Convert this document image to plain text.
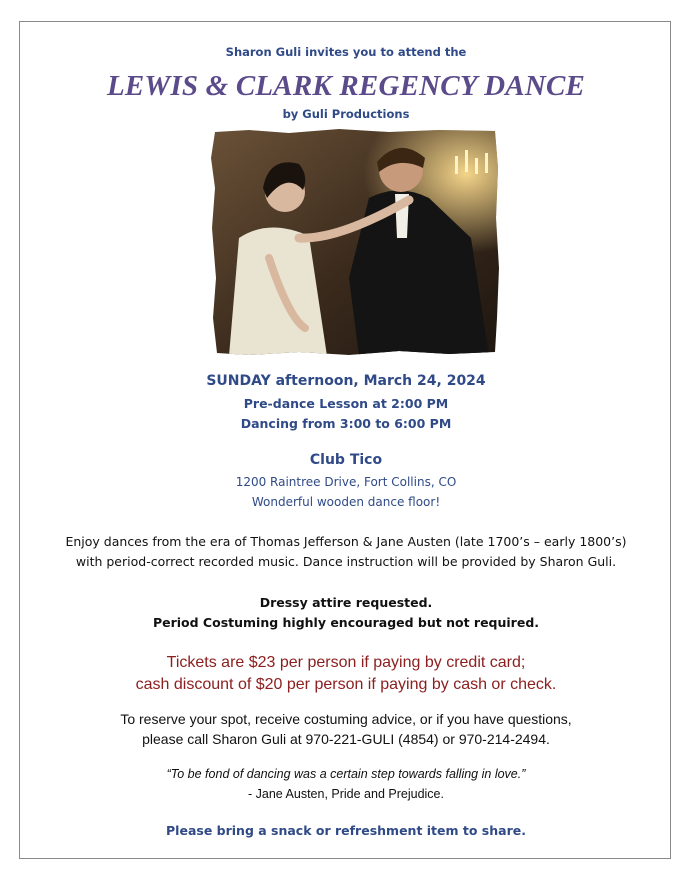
Sharon Guli invites you to attend the
LEWIS & CLARK REGENCY DANCE
by Guli Productions
SUNDAY afternoon, March 24, 2024
Pre-dance Lesson at 2:00 PM
Dancing from 3:00 to 6:00 PM
Club Tico
1200 Raintree Drive, Fort Collins, CO
Wonderful wooden dance floor!
Enjoy dances from the era of Thomas Jefferson & Jane Austen (late 1700’s – early 1800’s)
with period-correct recorded music. Dance instruction will be provided by Sharon Guli.
Dressy attire requested.
Period Costuming highly encouraged but not required.
Tickets are $23 per person if paying by credit card;
cash discount of $20 per person if paying by cash or check.
To reserve your spot, receive costuming advice, or if you have questions,
please call Sharon Guli at 970-221-GULI (4854) or 970-214-2494.
“To be fond of dancing was a certain step towards falling in love.”
- Jane Austen, Pride and Prejudice.
Please bring a snack or refreshment item to share.
